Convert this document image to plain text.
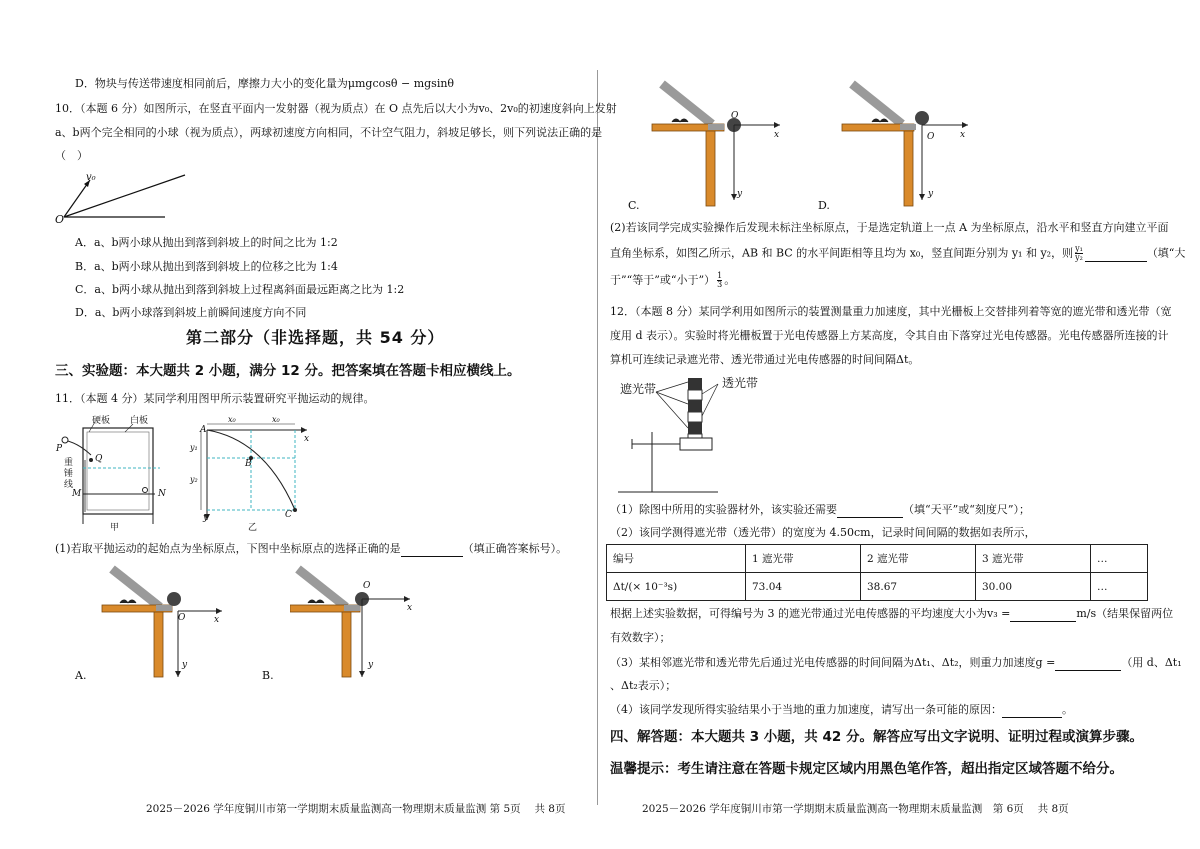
D．物块与传送带速度相同前后，摩擦力大小的变化量为μmgcosθ − mgsinθ
10．（本题 6 分）如图所示，在竖直平面内一发射器（视为质点）在 O 点先后以大小为v₀、2v₀的初速度斜向上发射
a、b两个完全相同的小球（视为质点），两球初速度方向相同，不计空气阻力，斜坡足够长，则下列说法正确的是
（　）
v₀
O
A．a、b两小球从抛出到落到斜坡上的时间之比为 1:2
B．a、b两小球从抛出到落到斜坡上的位移之比为 1:4
C．a、b两小球从抛出到落到斜坡上过程离斜面最远距离之比为 1:2
D．a、b两小球落到斜坡上前瞬间速度方向不同
第二部分（非选择题，共 54 分）
三、实验题：本大题共 2 小题，满分 12 分。把答案填在答题卡相应横线上。
11．（本题 4 分）某同学利用图甲所示装置研究平抛运动的规律。
硬板 白板
P
Q
重锤线
M	N
甲
A
B
C
x
y
x₀	x₀
y₁
y₂
乙
(1)若取平抛运动的起始点为坐标原点，下图中坐标原点的选择正确的是	（填正确答案标号）。
O	x
y
A.
O
x
y
B.
2025－2026 学年度铜川市第一学期期末质量监测高一物理期末质量监测 第 5页　 共 8页
O
x
y
C.
O	x
y
D.
(2)若该同学完成实验操作后发现未标注坐标原点，于是选定轨道上一点 A 为坐标原点，沿水平和竖直方向建立平面
直角坐标系，如图乙所示，AB 和 BC 的水平间距相等且均为 x₀，竖直间距分别为 y₁ 和 y₂，则 $\frac{\text{y₁}}{\text{y₂}}$	（填“大
于”“等于”或“小于”） $\frac{1}{3}$ 。
12．（本题 8 分）某同学利用如图所示的装置测量重力加速度，其中光栅板上交替排列着等宽的遮光带和透光带（宽
度用 d 表示）。实验时将光栅板置于光电传感器上方某高度，令其自由下落穿过光电传感器。光电传感器所连接的计
算机可连续记录遮光带、透光带通过光电传感器的时间间隔Δt。
遮光带	透光带
（1）除图中所用的实验器材外，该实验还需要	（填“天平”或“刻度尺”）；
（2）该同学测得遮光带（透光带）的宽度为 4.50cm，记录时间间隔的数据如表所示，
编号	1 遮光带	2 遮光带	3 遮光带	…
Δt/(× 10⁻³s)	73.04	38.67	30.00	…
根据上述实验数据，可得编号为 3 的遮光带通过光电传感器的平均速度大小为v₃ =	m/s（结果保留两位
有效数字）；
（3）某相邻遮光带和透光带先后通过光电传感器的时间间隔为Δt₁、Δt₂，则重力加速度g =	（用 d、Δt₁
、Δt₂表示）；
（4）该同学发现所得实验结果小于当地的重力加速度，请写出一条可能的原因：	。
四、解答题：本大题共 3 小题，共 42 分。解答应写出文字说明、证明过程或演算步骤。
温馨提示：考生请注意在答题卡规定区域内用黑色笔作答，超出指定区域答题不给分。
2025－2026 学年度铜川市第一学期期末质量监测高一物理期末质量监测　第 6页　 共 8页
